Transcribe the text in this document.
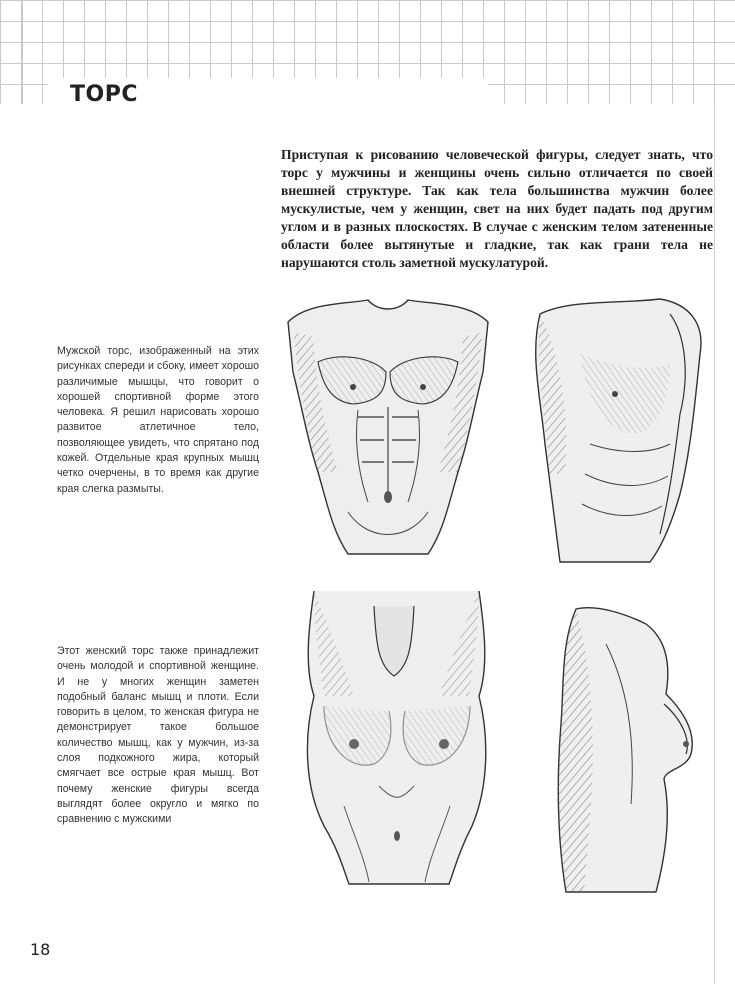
ТОРС
Приступая к рисованию человеческой фигуры, следует знать, что торс у мужчины и женщины очень сильно отличается по своей внешней структуре. Так как тела большинства мужчин более мускулистые, чем у женщин, свет на них будет падать под другим углом и в разных плоскостях. В случае с женским телом затененные области более вытянутые и гладкие, так как грани тела не нарушаются столь заметной мускулатурой.
Мужской торс, изображенный на этих рисунках спереди и сбоку, имеет хорошо различимые мышцы, что говорит о хорошей спортивной форме этого человека. Я решил нарисовать хорошо развитое атлетичное тело, позволяющее увидеть, что спрятано под кожей. Отдельные края крупных мышц четко очерчены, в то время как другие края слегка размыты.
Этот женский торс также принадлежит очень молодой и спортивной женщине. И не у многих женщин заметен подобный баланс мышц и плоти. Если говорить в целом, то женская фигура не демонстрирует такое большое количество мышц, как у мужчин, из-за слоя подкожного жира, который смягчает все острые края мышц. Вот почему женские фигуры всегда выглядят более округло и мягко по сравнению с мужскими
18
